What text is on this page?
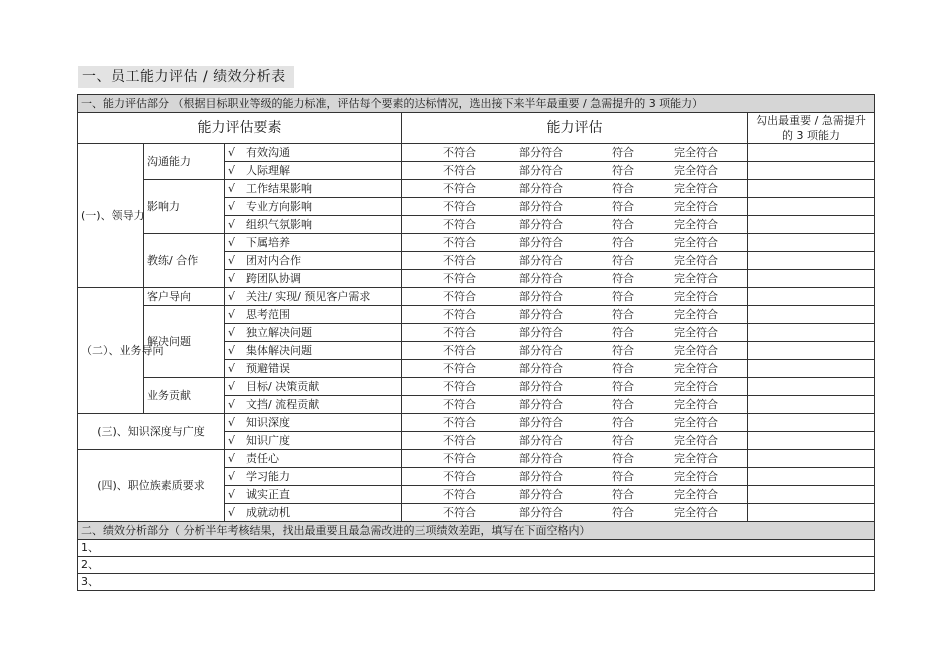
一、员工能力评估 / 绩效分析表
一、能力评估部分 （根据目标职业等级的能力标准，评估每个要素的达标情况，选出接下来半年最重要 / 急需提升的 3 项能力）				
能力评估要素			能力评估	勾出最重要 / 急需提升的 3 项能力
(一)、领导力	沟通能力	√ 有效沟通	不符合 部分符合 符合 完全符合	

		√ 人际理解	不符合 部分符合 符合 完全符合	

	影响力	√ 工作结果影响	不符合 部分符合 符合 完全符合	

		√ 专业方向影响	不符合 部分符合 符合 完全符合	

		√ 组织气氛影响	不符合 部分符合 符合 完全符合	

	教练/ 合作	√ 下属培养	不符合 部分符合 符合 完全符合	

		√ 团对内合作	不符合 部分符合 符合 完全符合	

		√ 跨团队协调	不符合 部分符合 符合 完全符合	

（二）、业务导向	客户导向	√ 关注/ 实现/ 预见客户需求	不符合 部分符合 符合 完全符合	

	解决问题	√ 思考范围	不符合 部分符合 符合 完全符合	

		√ 独立解决问题	不符合 部分符合 符合 完全符合	

		√ 集体解决问题	不符合 部分符合 符合 完全符合	

		√ 预避错误	不符合 部分符合 符合 完全符合	

	业务贡献	√ 目标/ 决策贡献	不符合 部分符合 符合 完全符合	

		√ 文挡/ 流程贡献	不符合 部分符合 符合 完全符合	

(三)、知识深度与广度		√ 知识深度	不符合 部分符合 符合 完全符合	

		√ 知识广度	不符合 部分符合 符合 完全符合	

(四)、职位族素质要求		√ 责任心	不符合 部分符合 符合 完全符合	

		√ 学习能力	不符合 部分符合 符合 完全符合	

		√ 诚实正直	不符合 部分符合 符合 完全符合	

		√ 成就动机	不符合 部分符合 符合 完全符合	

二、绩效分析部分（ 分析半年考核结果，找出最重要且最急需改进的三项绩效差距，填写在下面空格内）				
1、				
2、				
3、				
